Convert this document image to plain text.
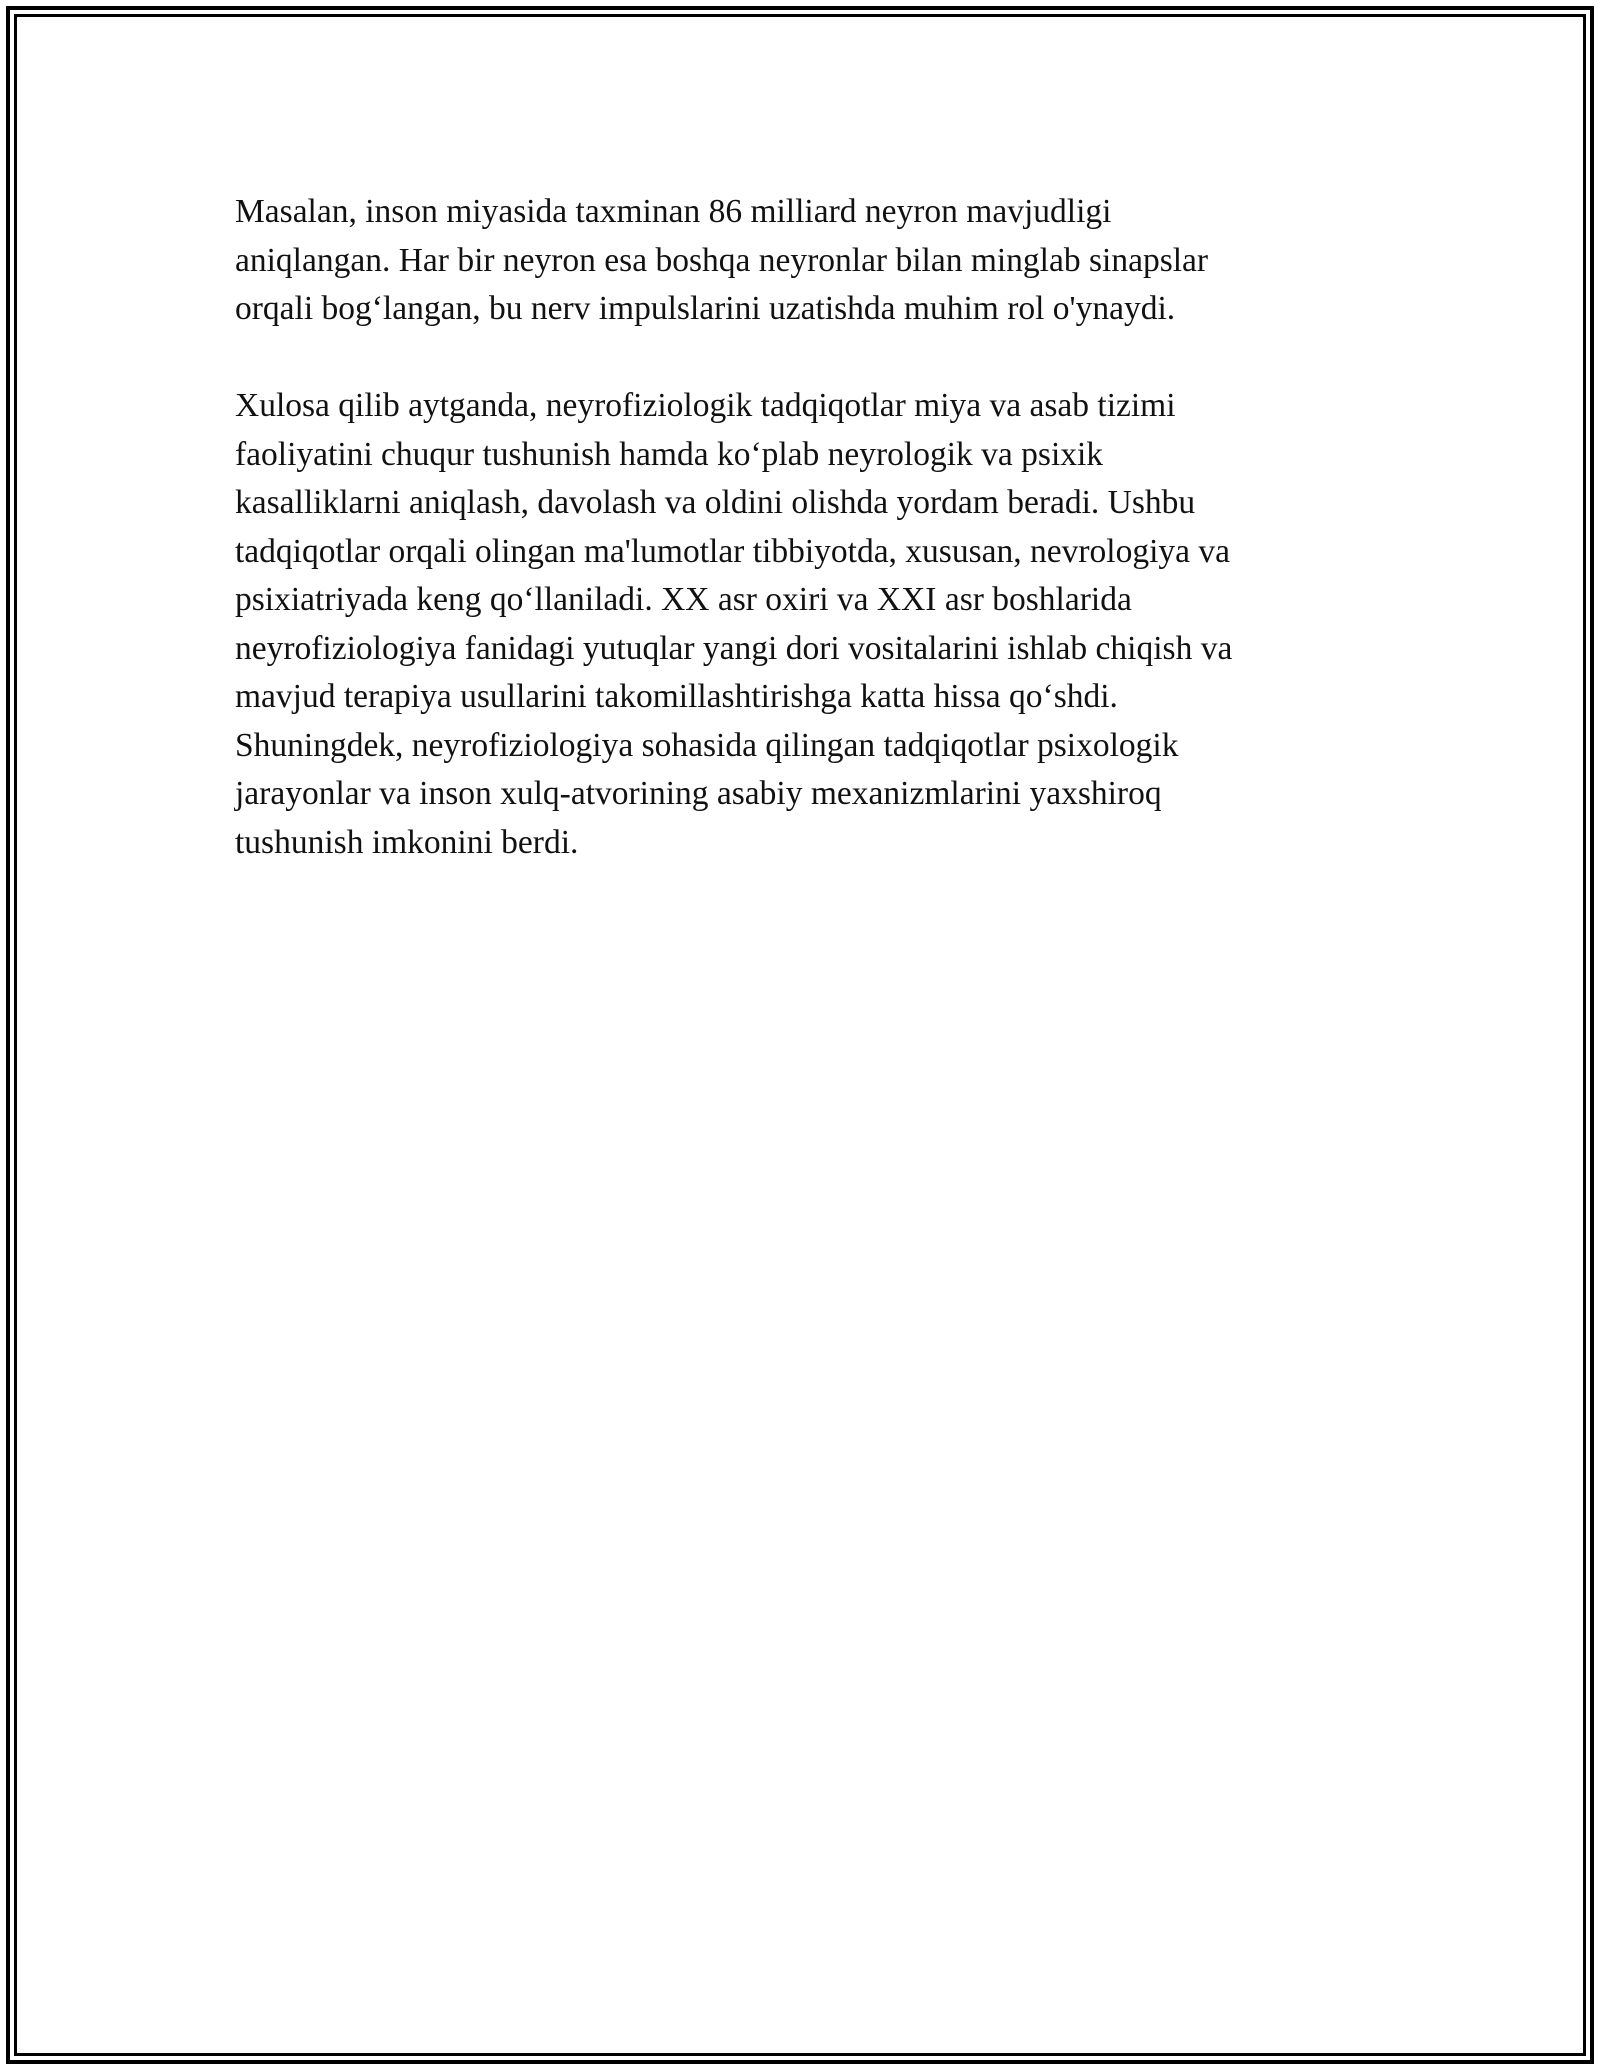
Masalan, inson miyasida taxminan 86 milliard neyron mavjudligi
aniqlangan. Har bir neyron esa boshqa neyronlar bilan minglab sinapslar
orqali bog‘langan, bu nerv impulslarini uzatishda muhim rol o'ynaydi.

Xulosa qilib aytganda, neyrofiziologik tadqiqotlar miya va asab tizimi
faoliyatini chuqur tushunish hamda ko‘plab neyrologik va psixik
kasalliklarni aniqlash, davolash va oldini olishda yordam beradi. Ushbu
tadqiqotlar orqali olingan ma'lumotlar tibbiyotda, xususan, nevrologiya va
psixiatriyada keng qo‘llaniladi. XX asr oxiri va XXI asr boshlarida
neyrofiziologiya fanidagi yutuqlar yangi dori vositalarini ishlab chiqish va
mavjud terapiya usullarini takomillashtirishga katta hissa qo‘shdi.
Shuningdek, neyrofiziologiya sohasida qilingan tadqiqotlar psixologik
jarayonlar va inson xulq-atvorining asabiy mexanizmlarini yaxshiroq
tushunish imkonini berdi.
